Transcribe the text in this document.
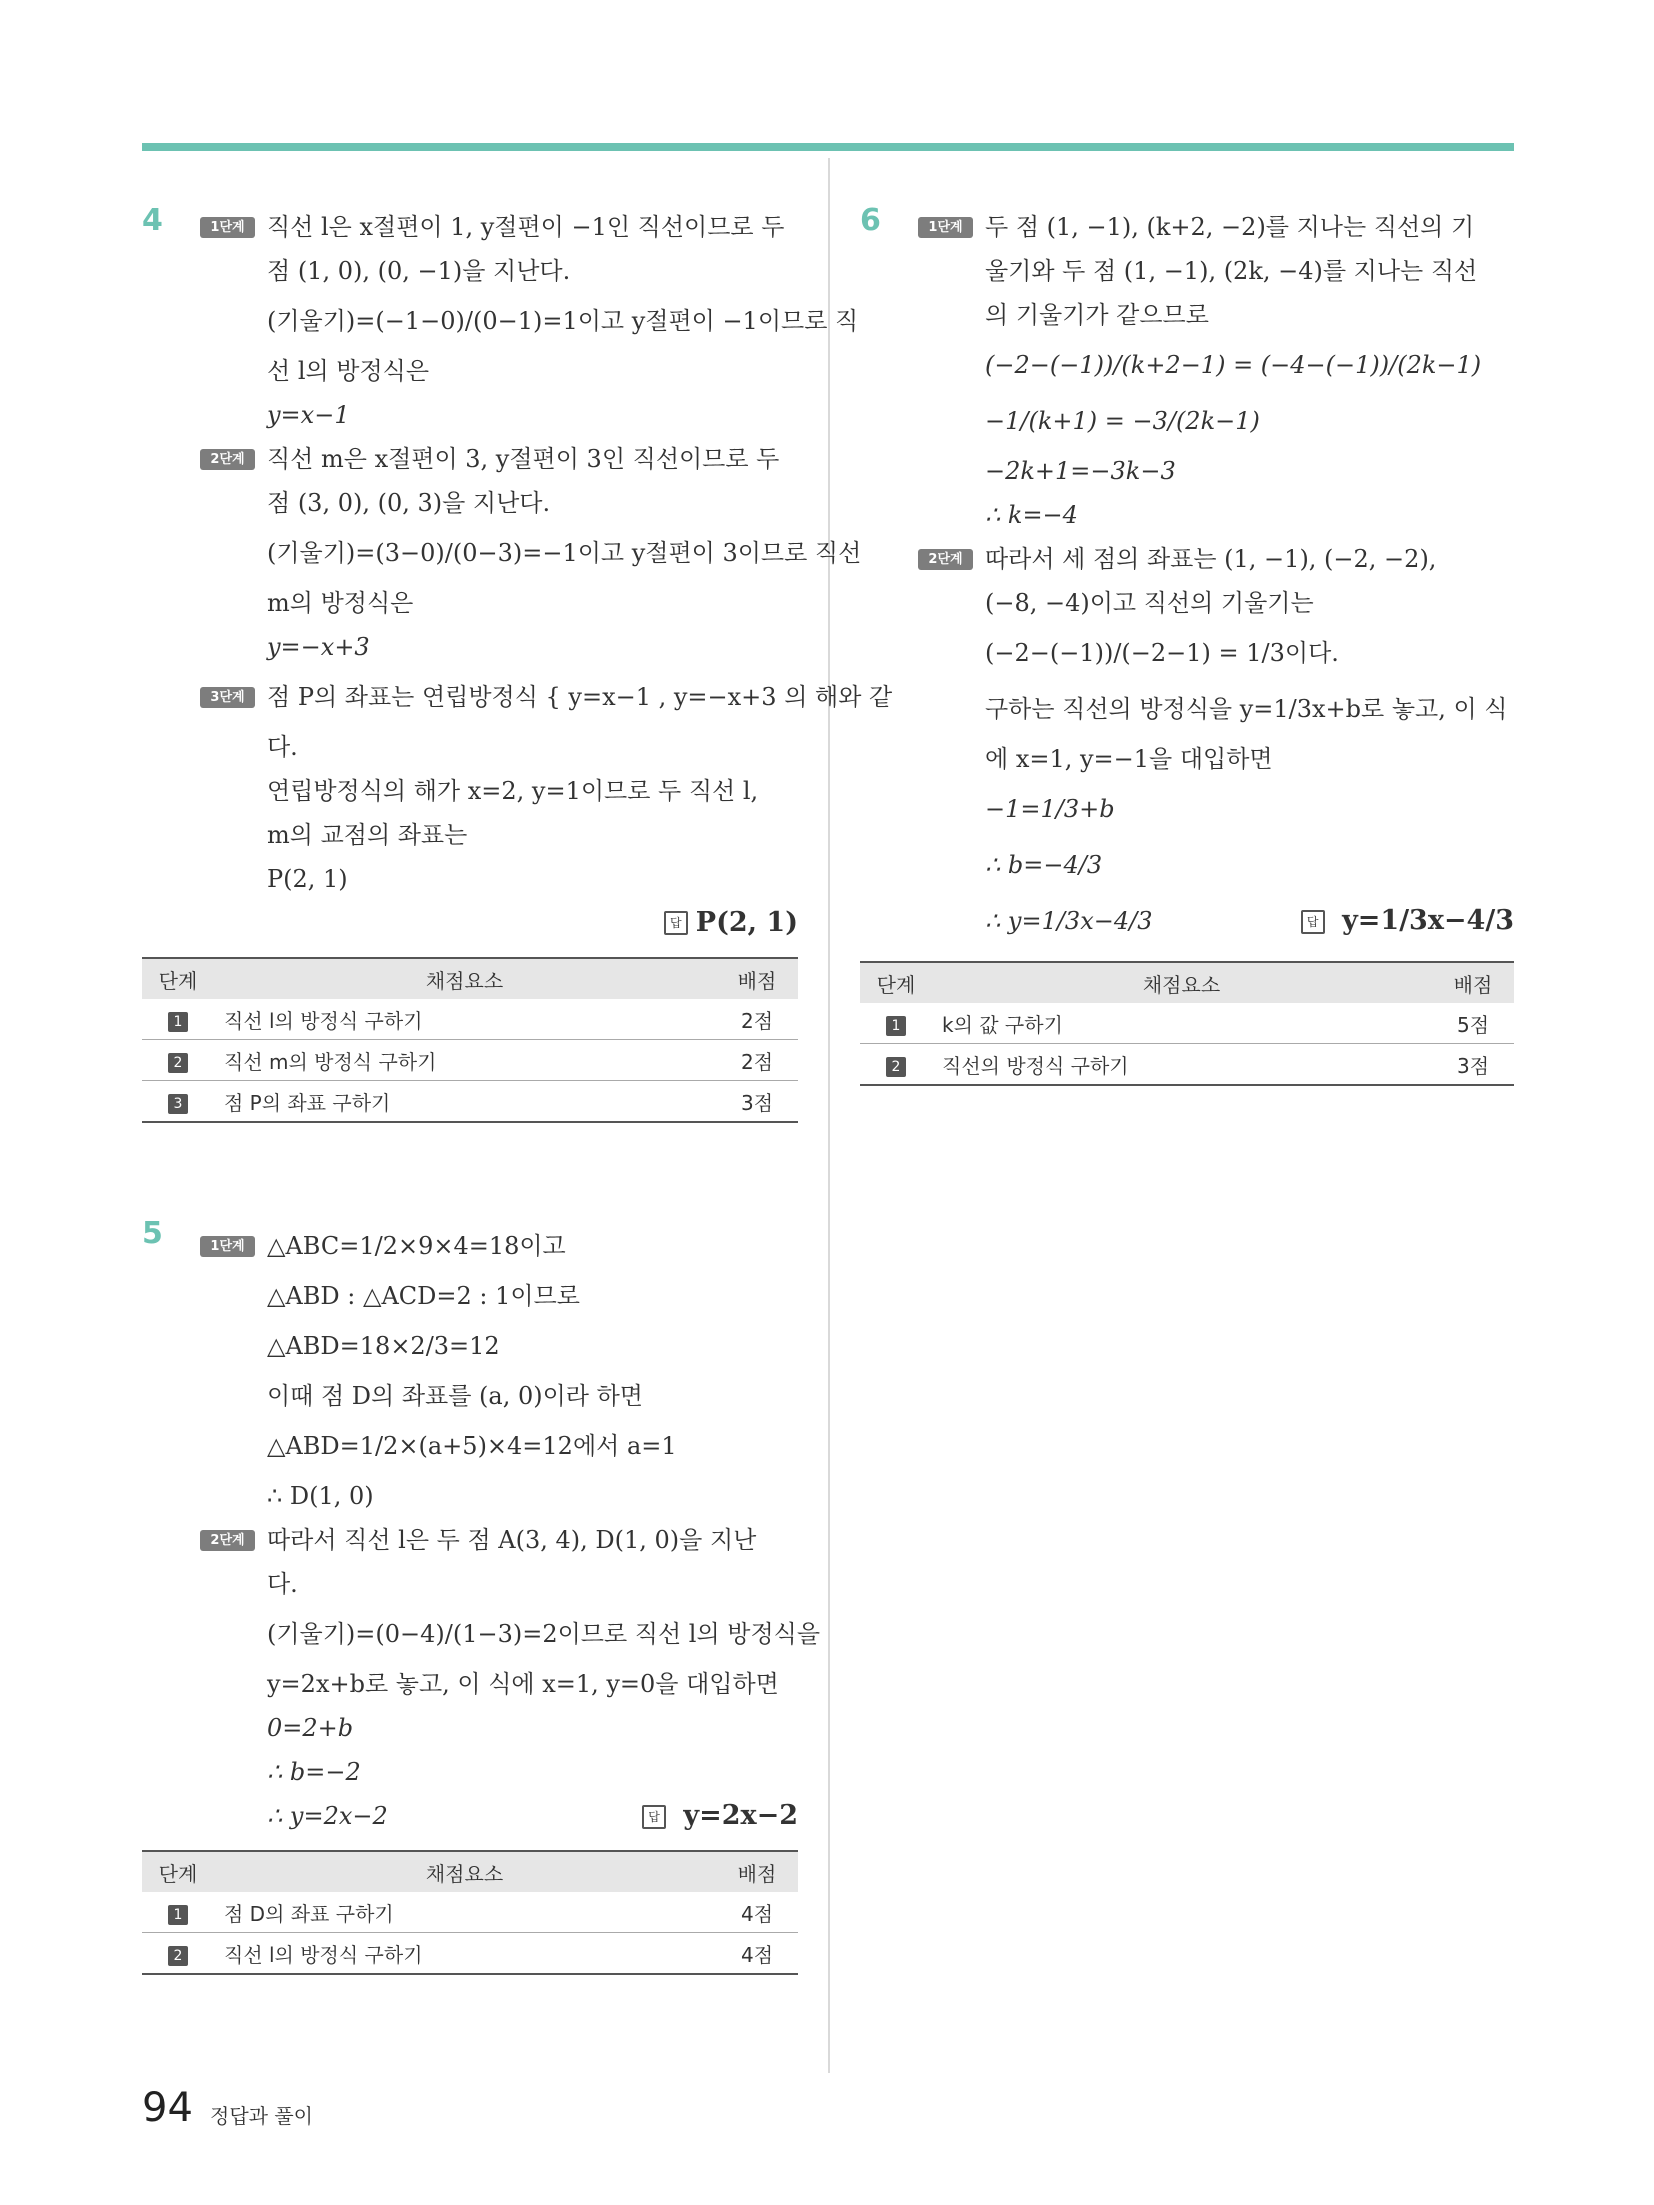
4	1단계 직선 l은 x절편이 1, y절편이 −1인 직선이므로 두
점 (1, 0), (0, −1)을 지난다.
(기울기)=(−1−0)/(0−1)=1이고 y절편이 −1이므로 직
선 l의 방정식은
y=x−1
2단계 직선 m은 x절편이 3, y절편이 3인 직선이므로 두
점 (3, 0), (0, 3)을 지난다.
(기울기)=(3−0)/(0−3)=−1이고 y절편이 3이므로 직선
m의 방정식은
y=−x+3
3단계 점 P의 좌표는 연립방정식 { y=x−1 , y=−x+3 의 해와 같
다.
연립방정식의 해가 x=2, y=1이므로 두 직선 l,
m의 교점의 좌표는
P(2, 1)
답 P(2, 1)
단계	채점요소	배점
1	직선 l의 방정식 구하기	2점
2	직선 m의 방정식 구하기	2점
3	점 P의 좌표 구하기	3점
5	1단계 △ABC=1/2×9×4=18이고
△ABD : △ACD=2 : 1이므로
△ABD=18×2/3=12
이때 점 D의 좌표를 (a, 0)이라 하면
△ABD=1/2×(a+5)×4=12에서 a=1
∴ D(1, 0)
2단계 따라서 직선 l은 두 점 A(3, 4), D(1, 0)을 지난
다.
(기울기)=(0−4)/(1−3)=2이므로 직선 l의 방정식을
y=2x+b로 놓고, 이 식에 x=1, y=0을 대입하면
0=2+b
∴ b=−2
∴ y=2x−2	답 y=2x−2
단계	채점요소	배점
1	점 D의 좌표 구하기	4점
2	직선 l의 방정식 구하기	4점
6	1단계 두 점 (1, −1), (k+2, −2)를 지나는 직선의 기
울기와 두 점 (1, −1), (2k, −4)를 지나는 직선
의 기울기가 같으므로
(−2−(−1))/(k+2−1) = (−4−(−1))/(2k−1)
−1/(k+1) = −3/(2k−1)
−2k+1=−3k−3
∴ k=−4
2단계 따라서 세 점의 좌표는 (1, −1), (−2, −2),
(−8, −4)이고 직선의 기울기는
(−2−(−1))/(−2−1) = 1/3이다.
구하는 직선의 방정식을 y=1/3x+b로 놓고, 이 식
에 x=1, y=−1을 대입하면
−1=1/3+b
∴ b=−4/3
∴ y=1/3x−4/3	답 y=1/3x−4/3
단계	채점요소	배점
1	k의 값 구하기	5점
2	직선의 방정식 구하기	3점
94 정답과 풀이
